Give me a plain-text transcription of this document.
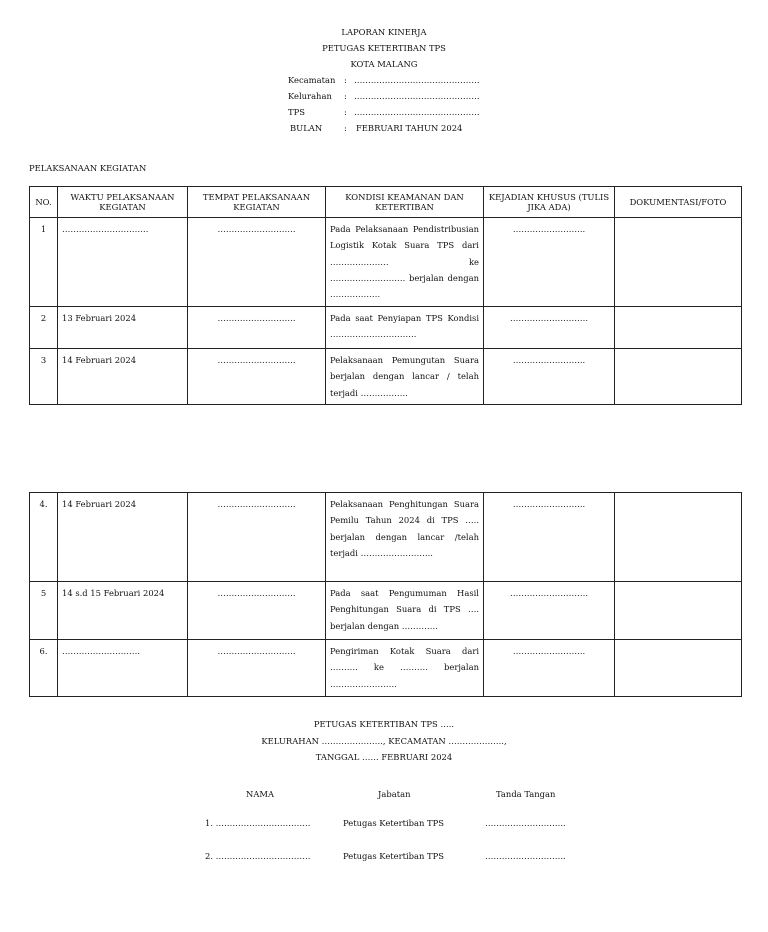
LAPORAN KINERJA
PETUGAS KETERTIBAN TPS
KOTA MALANG
Kecamatan : ………………………………………
Kelurahan : ………………………………………
TPS	: ………………………………………
BULAN	: FEBRUARI TAHUN 2024
PELAKSANAAN KEGIATAN
NO.	WAKTU PELAKSANAAN KEGIATAN	TEMPAT PELAKSANAAN KEGIATAN	KONDISI KEAMANAN DAN KETERTIBAN	KEJADIAN KHUSUS (TULIS JIKA ADA)	DOKUMENTASI/FOTO
1	………………………….	……………………….	Pada Pelaksanaan Pendistribusian Logistik Kotak Suara TPS dari ………………… ke ……………………… berjalan dengan ………………	……………………..	
2	13 Februari 2024	……………………….	Pada saat Penyiapan TPS Kondisi ………………………….	……………………….	
3	14 Februari 2024	……………………….	Pelaksanaan Pemungutan Suara berjalan dengan lancar / telah terjadi ……………..	……………………..	
4.	14 Februari 2024	……………………….	Pelaksanaan Penghitungan Suara Pemilu Tahun 2024 di TPS ….. berjalan dengan lancar /telah terjadi ……………………..	……………………..	
5	14 s.d 15 Februari 2024	……………………….	Pada saat Pengumuman Hasil Penghitungan Suara di TPS …. berjalan dengan ………….	……………………….	
6.	……………………….	……………………….	Pengiriman Kotak Suara dari ………. ke ………. berjalan ……………………	……………………..	
PETUGAS KETERTIBAN TPS …..
KELURAHAN …………………., KECAMATAN ………………..,
TANGGAL …… FEBRUARI 2024
NAMA	Jabatan	Tanda Tangan
1. …………………………….	Petugas Ketertiban TPS	………………………..
2. …………………………….	Petugas Ketertiban TPS	………………………..
